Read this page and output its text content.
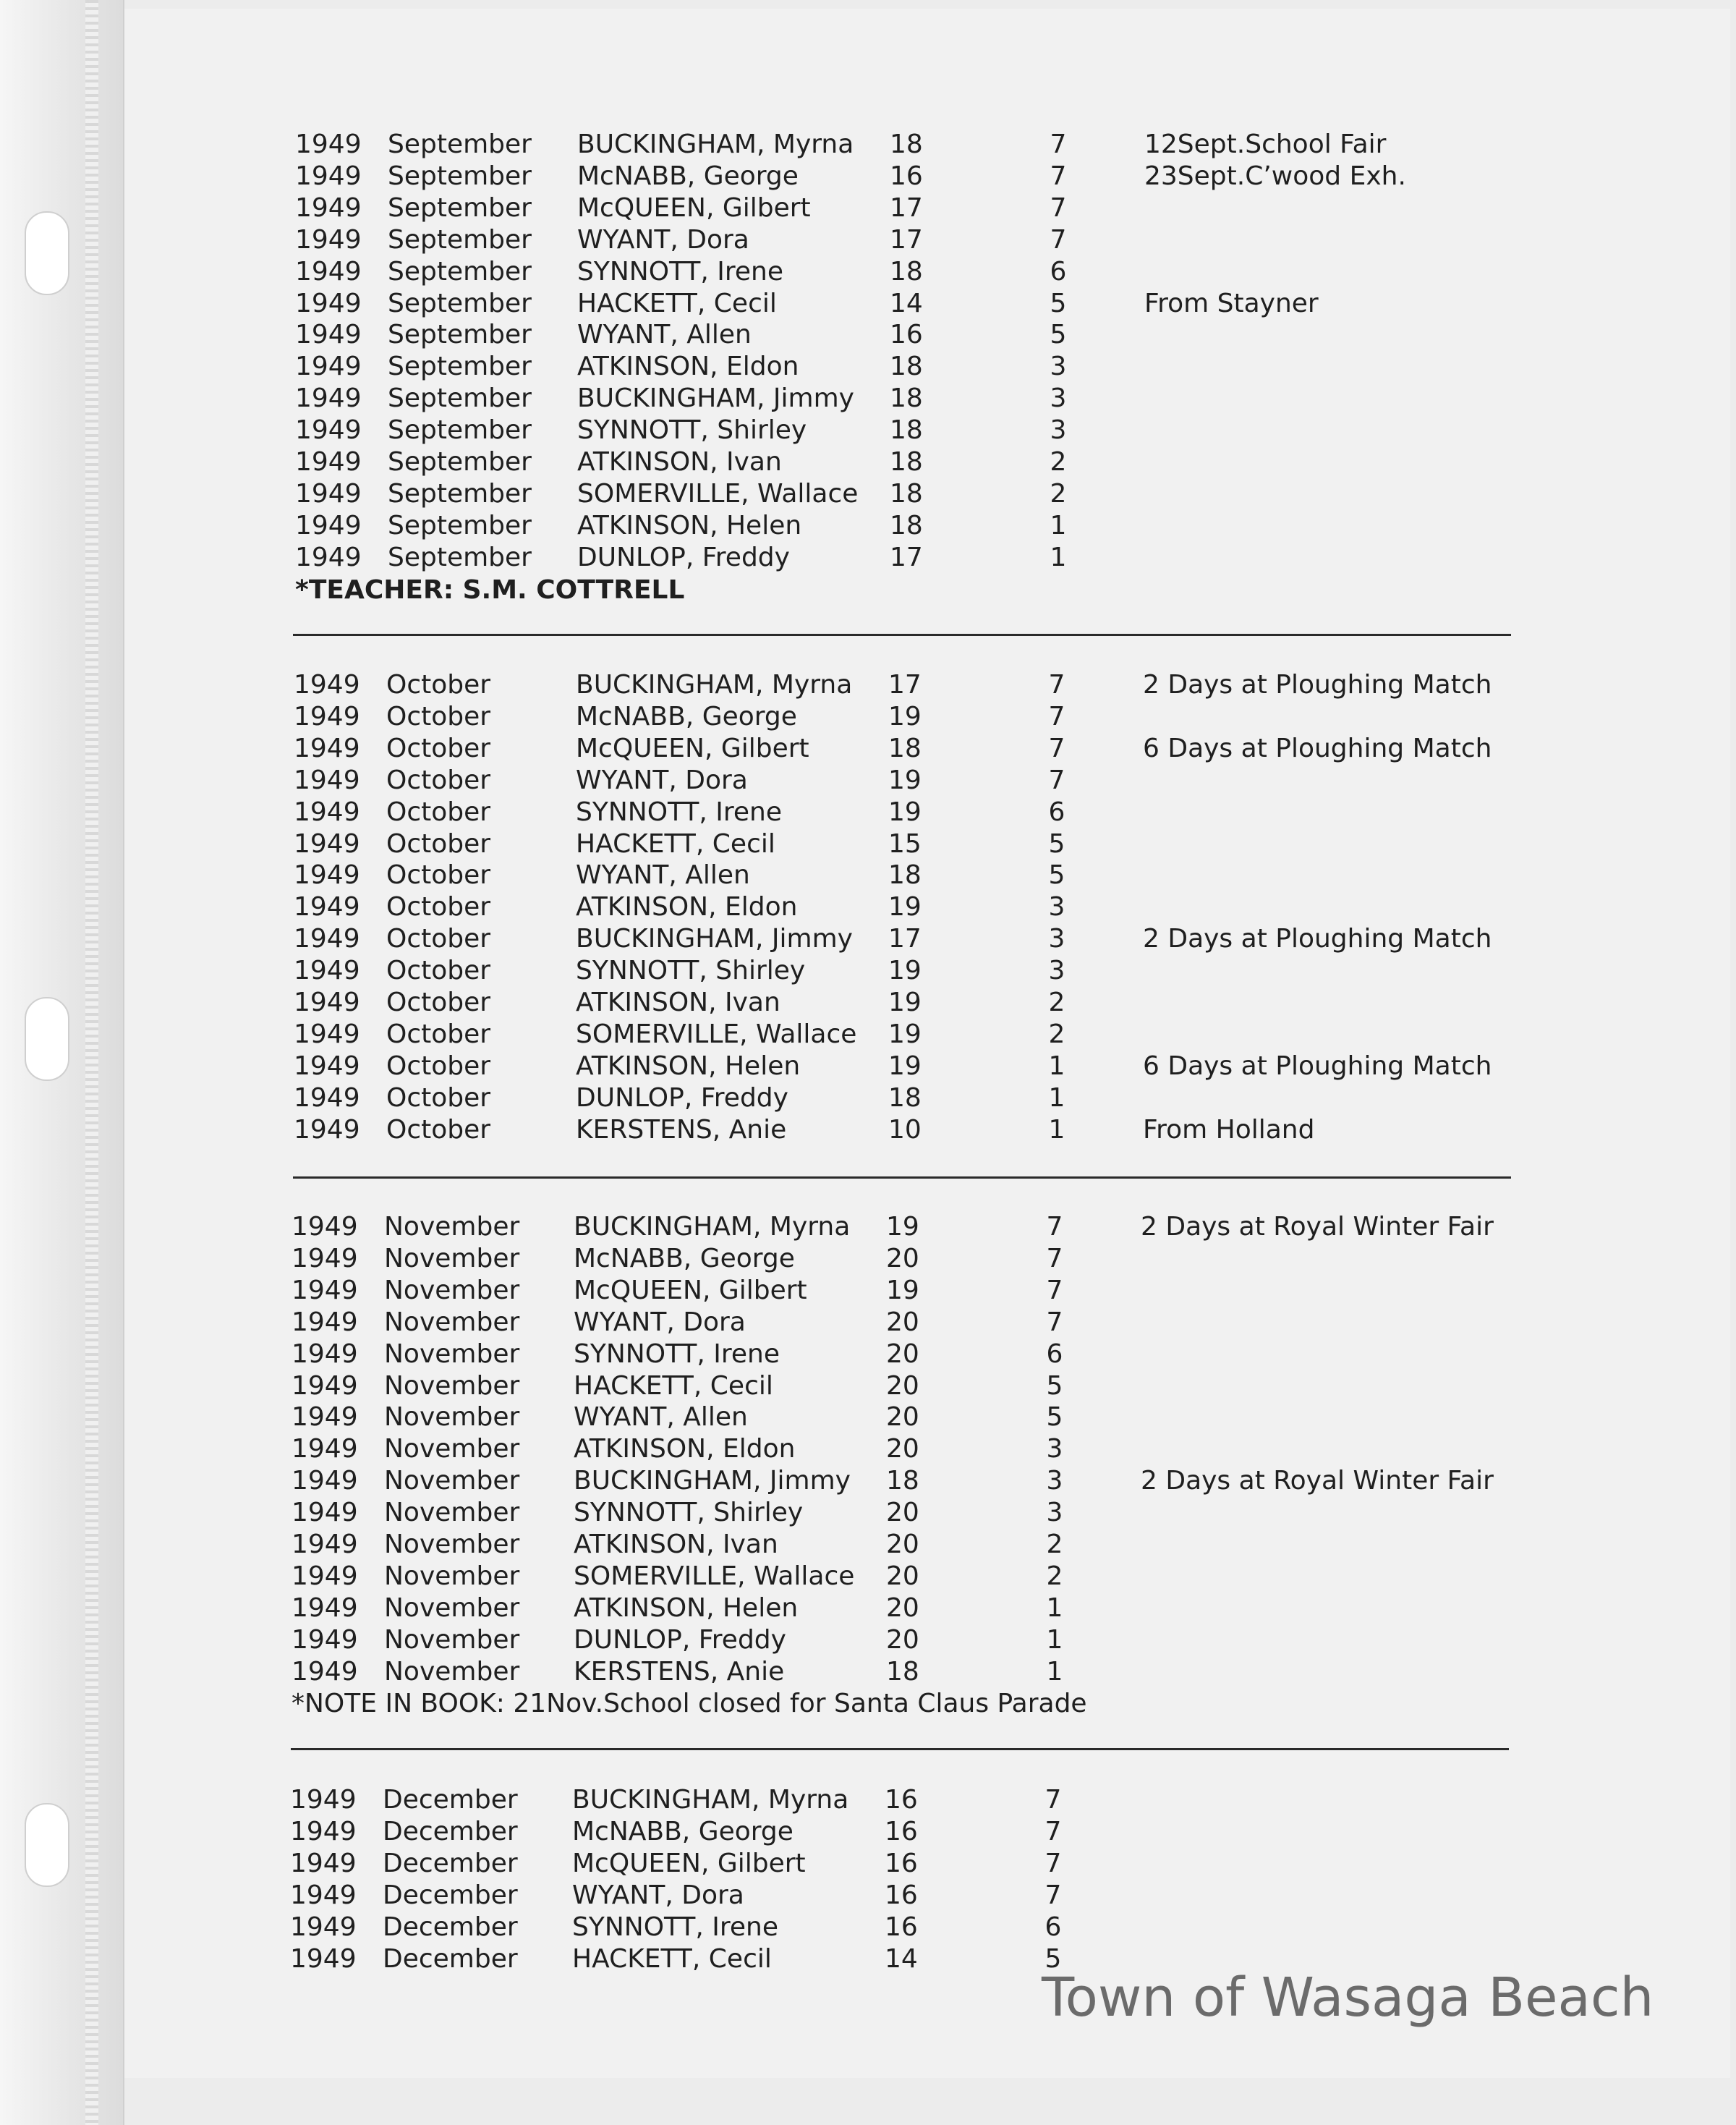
1949 September BUCKINGHAM, Myrna 18	7	12Sept.School Fair
1949 September McNABB, George	16	7	23Sept.C’wood Exh.
1949 September McQUEEN, Gilbert	17	7
1949 September WYANT, Dora	17	7
1949 September SYNNOTT, Irene	18	6
1949 September HACKETT, Cecil	14	5	From Stayner
1949 September WYANT, Allen	16	5
1949 September ATKINSON, Eldon	18	3
1949 September BUCKINGHAM, Jimmy 18	3
1949 September SYNNOTT, Shirley	18	3
1949 September ATKINSON, Ivan	18	2
1949 September SOMERVILLE, Wallace 18	2
1949 September ATKINSON, Helen	18	1
1949 September DUNLOP, Freddy	17	1
*TEACHER: S.M. COTTRELL
1949 October	BUCKINGHAM, Myrna 17	7	2 Days at Ploughing Match
1949 October	McNABB, George	19	7
1949 October	McQUEEN, Gilbert	18	7	6 Days at Ploughing Match
1949 October	WYANT, Dora	19	7
1949 October	SYNNOTT, Irene	19	6
1949 October	HACKETT, Cecil	15	5
1949 October	WYANT, Allen	18	5
1949 October	ATKINSON, Eldon	19	3
1949 October	BUCKINGHAM, Jimmy 17	3	2 Days at Ploughing Match
1949 October	SYNNOTT, Shirley	19	3
1949 October	ATKINSON, Ivan	19	2
1949 October	SOMERVILLE, Wallace 19	2
1949 October	ATKINSON, Helen	19	1	6 Days at Ploughing Match
1949 October	DUNLOP, Freddy	18	1
1949 October	KERSTENS, Anie	10	1	From Holland
1949 November BUCKINGHAM, Myrna 19	7	2 Days at Royal Winter Fair
1949 November McNABB, George	20	7
1949 November McQUEEN, Gilbert	19	7
1949 November WYANT, Dora	20	7
1949 November SYNNOTT, Irene	20	6
1949 November HACKETT, Cecil	20	5
1949 November WYANT, Allen	20	5
1949 November ATKINSON, Eldon	20	3
1949 November BUCKINGHAM, Jimmy 18	3	2 Days at Royal Winter Fair
1949 November SYNNOTT, Shirley	20	3
1949 November ATKINSON, Ivan	20	2
1949 November SOMERVILLE, Wallace 20	2
1949 November ATKINSON, Helen	20	1
1949 November DUNLOP, Freddy	20	1
1949 November KERSTENS, Anie	18	1
*NOTE IN BOOK: 21Nov.School closed for Santa Claus Parade
1949 December BUCKINGHAM, Myrna 16	7
1949 December McNABB, George	16	7
1949 December McQUEEN, Gilbert	16	7
1949 December WYANT, Dora	16	7
1949 December SYNNOTT, Irene	16	6
1949 December HACKETT, Cecil	14	5
Town of Wasaga Beach
